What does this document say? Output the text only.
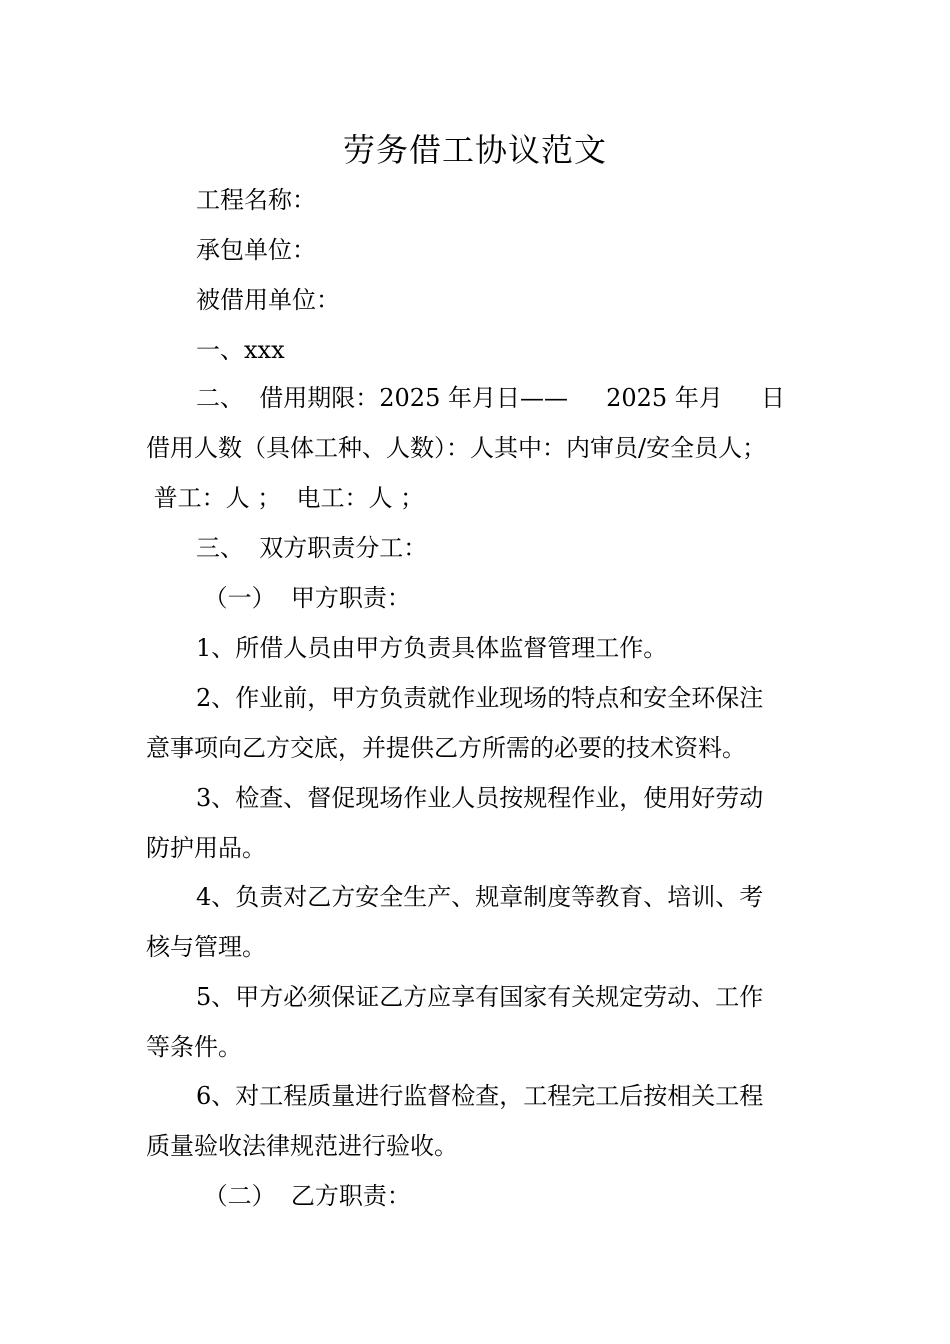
劳务借工协议范文
工程名称：
承包单位：
被借用单位：
一、xxx
二、  借用期限：2025 年月日——     2025 年月     日
借用人数（具体工种、人数）：人其中：内审员/安全员人；
普工：人 ；  电工：人 ；
三、  双方职责分工：
（一）  甲方职责：
1、所借人员由甲方负责具体监督管理工作。
2、作业前，甲方负责就作业现场的特点和安全环保注
意事项向乙方交底，并提供乙方所需的必要的技术资料。
3、检查、督促现场作业人员按规程作业，使用好劳动
防护用品。
4、负责对乙方安全生产、规章制度等教育、培训、考
核与管理。
5、甲方必须保证乙方应享有国家有关规定劳动、工作
等条件。
6、对工程质量进行监督检查，工程完工后按相关工程
质量验收法律规范进行验收。
（二）  乙方职责：
